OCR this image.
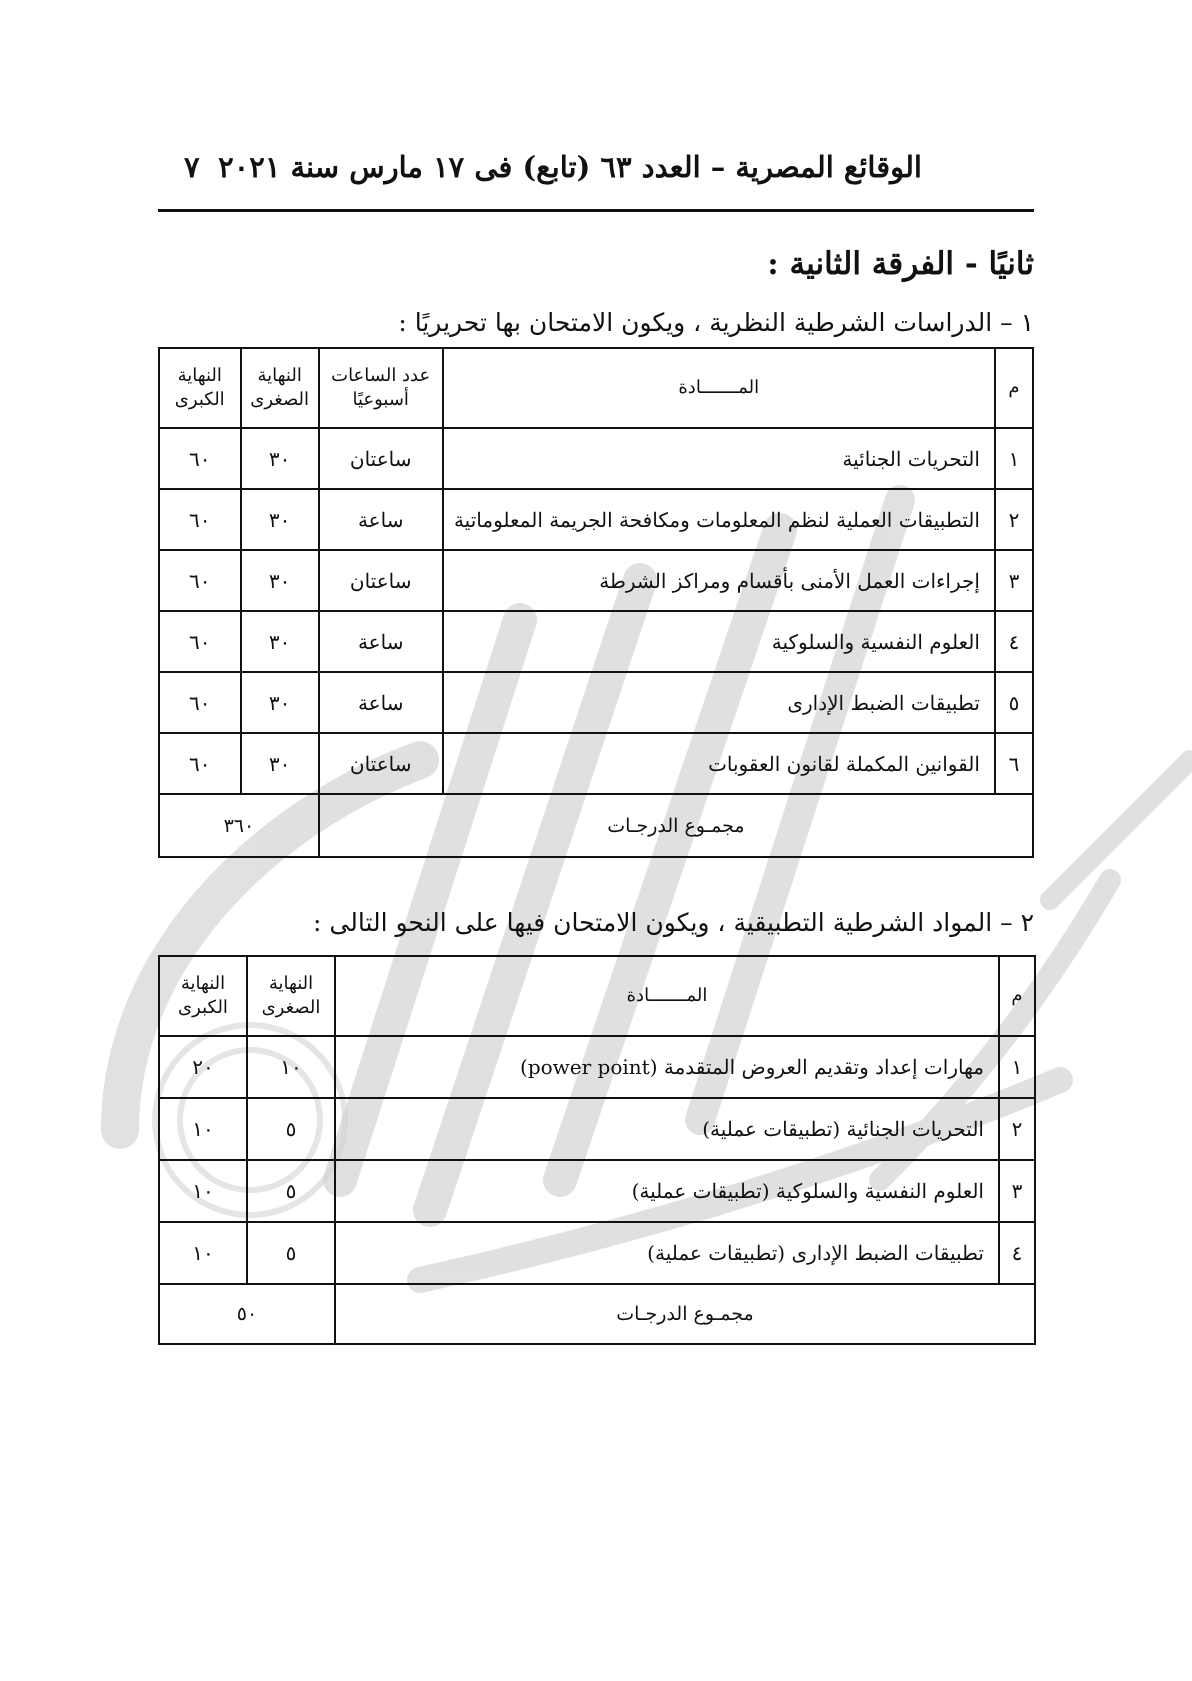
الوقائع المصرية – العدد ٦٣ (تابع) فى ١٧ مارس سنة ٢٠٢١
٧
ثانيًا - الفرقة الثانية :
١ – الدراسات الشرطية النظرية ، ويكون الامتحان بها تحريريًا :
م	المـــــــادة	عدد الساعات أسبوعيًا	النهاية الصغرى	النهاية الكبرى
١	التحريات الجنائية	ساعتان	٣٠	٦٠
٢	التطبيقات العملية لنظم المعلومات ومكافحة الجريمة المعلوماتية	ساعة	٣٠	٦٠
٣	إجراءات العمل الأمنى بأقسام ومراكز الشرطة	ساعتان	٣٠	٦٠
٤	العلوم النفسية والسلوكية	ساعة	٣٠	٦٠
٥	تطبيقات الضبط الإدارى	ساعة	٣٠	٦٠
٦	القوانين المكملة لقانون العقوبات	ساعتان	٣٠	٦٠
مجمـوع الدرجـات			٣٦٠	
٢ – المواد الشرطية التطبيقية ، ويكون الامتحان فيها على النحو التالى :
م	المـــــــادة	النهاية الصغرى	النهاية الكبرى
١	مهارات إعداد وتقديم العروض المتقدمة (power point)	١٠	٢٠
٢	التحريات الجنائية (تطبيقات عملية)	٥	١٠
٣	العلوم النفسية والسلوكية (تطبيقات عملية)	٥	١٠
٤	تطبيقات الضبط الإدارى (تطبيقات عملية)	٥	١٠
مجمـوع الدرجـات		٥٠	
